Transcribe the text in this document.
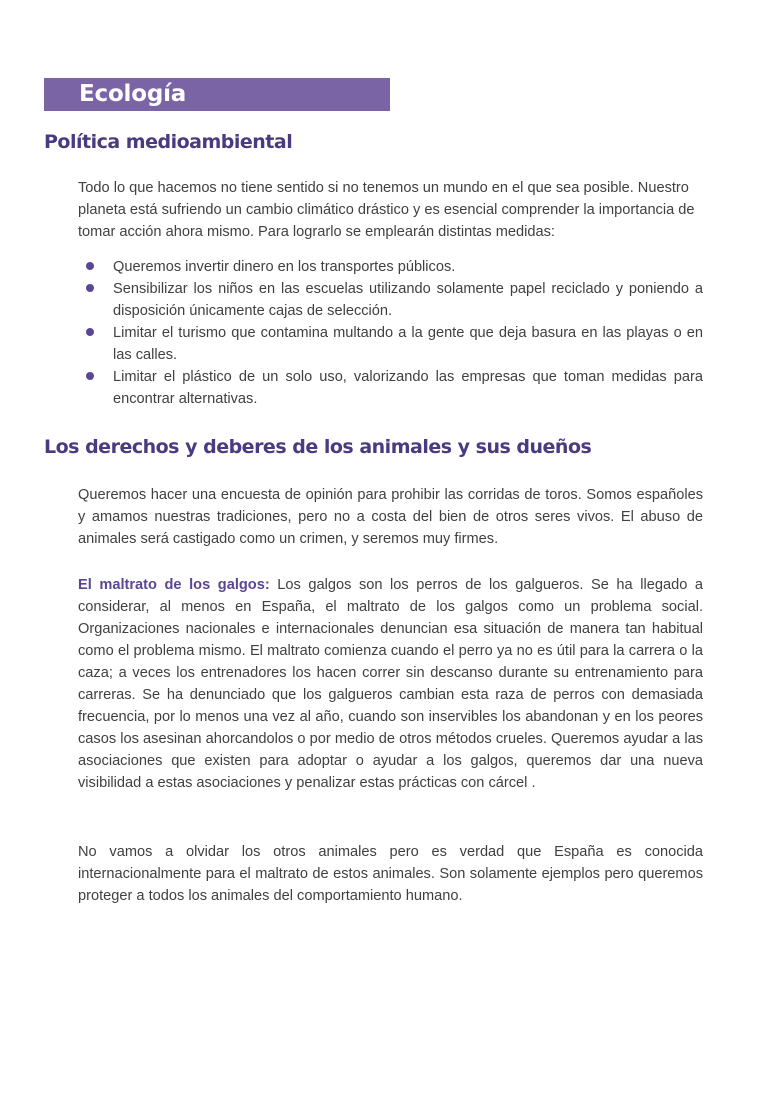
Ecología
Política medioambiental

Todo lo que hacemos no tiene sentido si no tenemos un mundo en el que sea posible. Nuestro planeta está sufriendo un cambio climático drástico y es esencial comprender la importancia de tomar acción ahora mismo. Para lograrlo se emplearán distintas medidas:

Queremos invertir dinero en los transportes públicos.
Sensibilizar los niños en las escuelas utilizando solamente papel reciclado y poniendo a disposición únicamente cajas de selección.
Limitar el turismo que contamina multando a la gente que deja basura en las playas o en las calles.
Limitar el plástico de un solo uso, valorizando las empresas que toman medidas para encontrar alternativas.
Los derechos y deberes de los animales y sus dueños

Queremos hacer una encuesta de opinión para prohibir las corridas de toros. Somos españoles y amamos nuestras tradiciones, pero no a costa del bien de otros seres vivos. El abuso de animales será castigado como un crimen, y seremos muy firmes.

El maltrato de los galgos: Los galgos son los perros de los galgueros. Se ha llegado a considerar, al menos en España, el maltrato de los galgos como un problema social. Organizaciones nacionales e internacionales denuncian esa situación de manera tan habitual como el problema mismo. El maltrato comienza cuando el perro ya no es útil para la carrera o la caza; a veces los entrenadores los hacen correr sin descanso durante su entrenamiento para carreras. Se ha denunciado que los galgueros cambian esta raza de perros con demasiada frecuencia, por lo menos una vez al año, cuando son inservibles los abandonan y en los peores casos los asesinan ahorcandolos o por medio de otros métodos crueles. Queremos ayudar a las asociaciones que existen para adoptar o ayudar a los galgos, queremos dar una nueva visibilidad a estas asociaciones y penalizar estas prácticas con cárcel .

No vamos a olvidar los otros animales pero es verdad que España es conocida internacionalmente para el maltrato de estos animales. Son solamente ejemplos pero queremos proteger a todos los animales del comportamiento humano.
